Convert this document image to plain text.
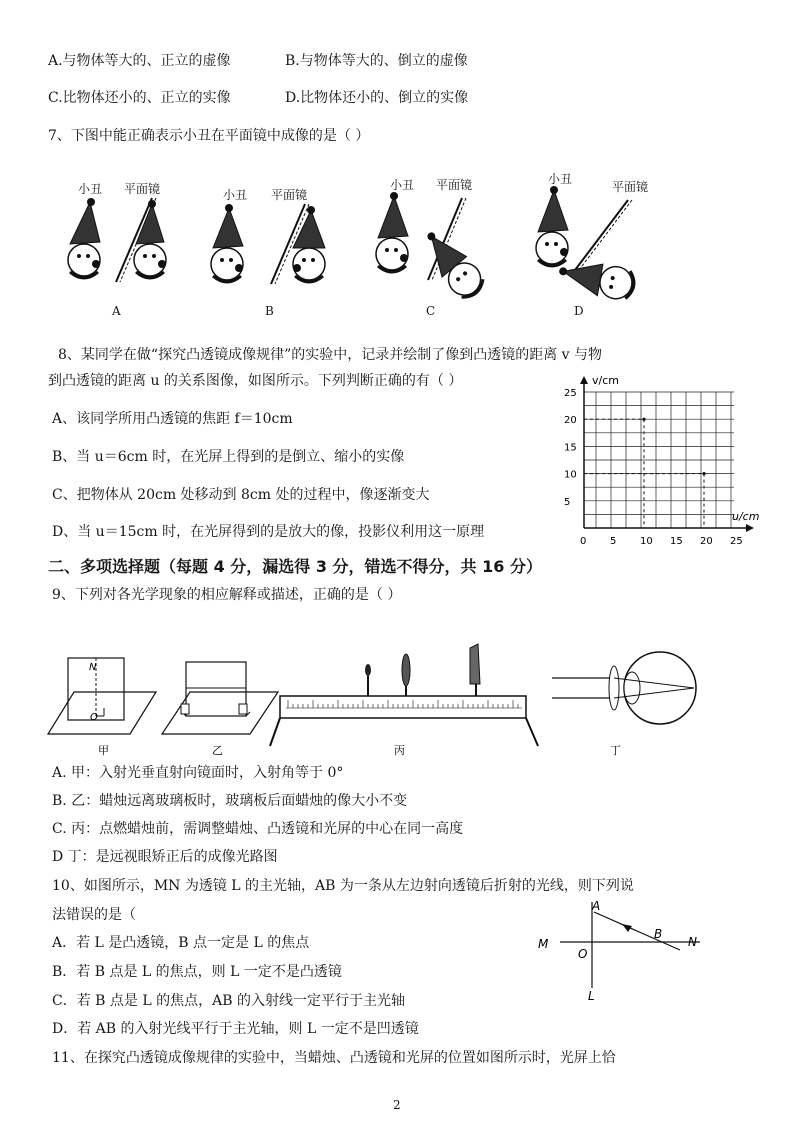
A.与物体等大的、正立的虚像	B.与物体等大的、倒立的虚像
C.比物体还小的、正立的实像	D.比物体还小的、倒立的实像
7、下图中能正确表示小丑在平面镜中成像的是（ ）
小丑 平面镜
A
小丑 平面镜
B
小丑 平面镜
C
小丑
平面镜
D
8、某同学在做“探究凸透镜成像规律”的实验中，记录并绘制了像到凸透镜的距离 v 与物
到凸透镜的距离 u 的关系图像，如图所示。下列判断正确的有（ ）
A、该同学所用凸透镜的焦距 f＝10cm
B、当 u＝6cm 时，在光屏上得到的是倒立、缩小的实像
C、把物体从 20cm 处移动到 8cm 处的过程中，像逐渐变大
D、当 u＝15cm 时，在光屏得到的是放大的像，投影仪利用这一原理
v/cm
u/cm
25
20
15
10
5
0 5 10 15 20 25
二、多项选择题（每题 4 分，漏选得 3 分，错选不得分，共 16 分）
9、下列对各光学现象的相应解释或描述，正确的是（ ）
N
O
甲	乙	丙	丁
A. 甲：入射光垂直射向镜面时，入射角等于 0°
B. 乙：蜡烛远离玻璃板时，玻璃板后面蜡烛的像大小不变
C. 丙：点燃蜡烛前，需调整蜡烛、凸透镜和光屏的中心在同一高度
D 丁：是远视眼矫正后的成像光路图
10、如图所示，MN 为透镜 L 的主光轴，AB 为一条从左边射向透镜后折射的光线，则下列说
法错误的是（
A．若 L 是凸透镜，B 点一定是 L 的焦点
B．若 B 点是 L 的焦点，则 L 一定不是凸透镜
C．若 B 点是 L 的焦点，AB 的入射线一定平行于主光轴
D．若 AB 的入射光线平行于主光轴，则 L 一定不是凹透镜
A
B
M	N
O
L
11、在探究凸透镜成像规律的实验中，当蜡烛、凸透镜和光屏的位置如图所示时，光屏上恰
2
